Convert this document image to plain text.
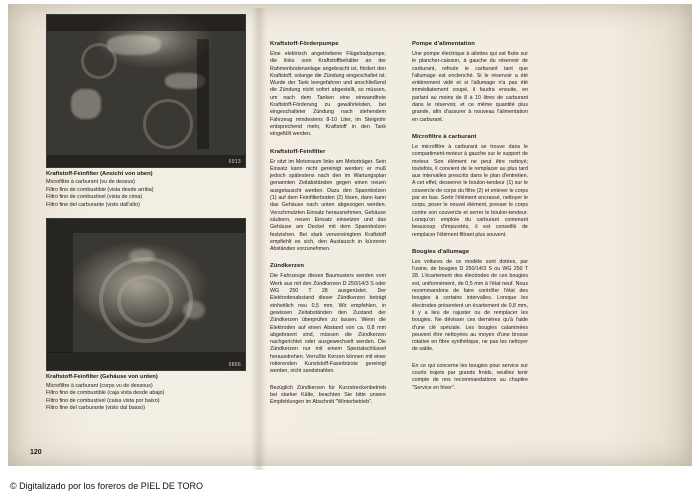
6913
Kraftstoff-Feinfilter (Ansicht von oben)
Microfiltre à carburant (vu de dessus)
Filtro fino de combustible (vista desde arriba)
Filtro fino de combustivel (vista de cima)
Filtro fine del carburante (visto dall'alto)
6866
Kraftstoff-Feinfilter (Gehäuse von unten)
Microfiltre à carburant (corps vu de dessous)
Filtro fino de combustible (caja vista desde abajo)
Filtro fino de combustivel (caixa vista por baixo)
Filtro fine del carburante (visto dal basso)
Kraftstoff-Förderpumpe

Eine elektrisch angetriebene Flügelradpumpe, die links vom Kraftstoffbehälter an der Rahmenbodenanlage angebracht ist, fördert den Kraftstoff, solange die Zündung eingeschaltet ist. Wurde der Tank leergefahren und anschließend die Zündung nicht sofort abgestellt, so müssen, um nach dem Tanken eine einwandfreie Kraftstoff-Förderung zu gewährleisten, bei eingeschalteter Zündung nach stehendem Fahrzeug mindestens 8-10 Liter, im Steigrohr entsprechend mehr, Kraftstoff in den Tank eingefüllt werden.

Kraftstoff-Feinfilter

Er sitzt im Motorraum links am Motorträger. Sein Einsatz kann nicht gereinigt werden; er muß jedoch spätestens nach den im Wartungsplan genannten Zeitabständen gegen einen neuen ausgetauscht werden. Dazu den Spannbolzen (1) auf dem Feinfilterboden (2) lösen, dann kann das Gehäuse nach unten abgezogen werden. Verschmutzten Einsatz herausnehmen, Gehäuse säubern, neuen Einsatz einsetzen und das Gehäuse am Deckel mit dem Spannbolzen festziehen. Bei stark verunreinigtem Kraftstoff empfiehlt es sich, den Austausch in kürzeren Abständen vorzunehmen.

Zündkerzen

Die Fahrzeuge dieses Baumusters werden vom Werk aus mit den Zündkerzen D 250/14/3 S oder WG 250 T 28 ausgerüstet. Der Elektrodenabstand dieser Zündkerzen beträgt einheitlich neu 0,5 mm. Wir empfehlen, in gewissen Zeitabständen den Zustand der Zündkerzen überprüfen zu lassen. Wenn die Elektroden auf einen Abstand von ca. 0,8 mm abgebrannt sind, müssen die Zündkerzen nachgerichtet oder ausgewechselt werden. Die Zündkerzen nur mit einem Spezialschlüssel herausdrehen. Verrußte Kerzen können mit einer rotierenden Kunststoff-Faserbürste gereinigt werden, nicht sandstrahlen.

Bezüglich Zündkerzen für Kurzstreckenbetrieb bei starker Kälte, beachten Sie bitte unsere Empfehlungen im Abschnitt "Winterbetrieb".

Pompe d'alimentation

Une pompe électrique à ailettes qui est fixée sur le plancher-caisson, à gauche du réservoir de carburant, refoule le carburant tant que l'allumage est enclenché. Si le réservoir a été entièrement vidé et si l'allumage n'a pas été immédiatement coupé, il faudra ensuite, en parlant au moins de 8 à 10 litres de carburant dans le réservoir, et ce même quantité plus grande, afin d'assurer à nouveau l'alimentation en carburant.

Microfiltre à carburant

Le microfiltre à carburant se trouve dans le compartiment-moteur à gauche sur le support de moteur. Son élément ne peut être nettoyé; toutefois, il convient de le remplacer au plus tard aux intervalles prescrits dans le plan d'entretien. A cet effet, desserrer le boulon-tendeur (1) sur le couvercle de corps du filtre (2) et enlever le corps par en bas. Sortir l'élément encrassé, nettoyer le corps, poser le nouvel élément, presser le corps contre son couvercle et serrer le boulon-tendeur. Lorsqu'on emploie du carburant contenant beaucoup d'impuretés, il est conseillé de remplacer l'élément filtrant plus souvent.

Bougies d'allumage

Les voitures de ce modèle sont dotées, par l'usine, de bougies D 250/14/3 S ou WG 250 T 28. L'écartement des électrodes de ces bougies est, uniformément, de 0,5 mm à l'état neuf. Nous recommandons de faire contrôler l'état des bougies à certains intervalles. Lorsque les électrodes présentent un écartement de 0,8 mm, il y a lieu de rajuster ou de remplacer les bougies. Ne dévisser ces dernières qu'à l'aide d'une clé spéciale. Les bougies calaminées peuvent être nettoyées au moyen d'une brosse rotative en fibre synthétique, ne pas les nettoyer de sable.

En ce qui concerne les bougies pour service sur courts trajets par grands froids, veuillez tenir compte de nos recommandations au chapitre "Service en hiver".

120
© Digitalizado por los foreros de PIEL DE TORO
